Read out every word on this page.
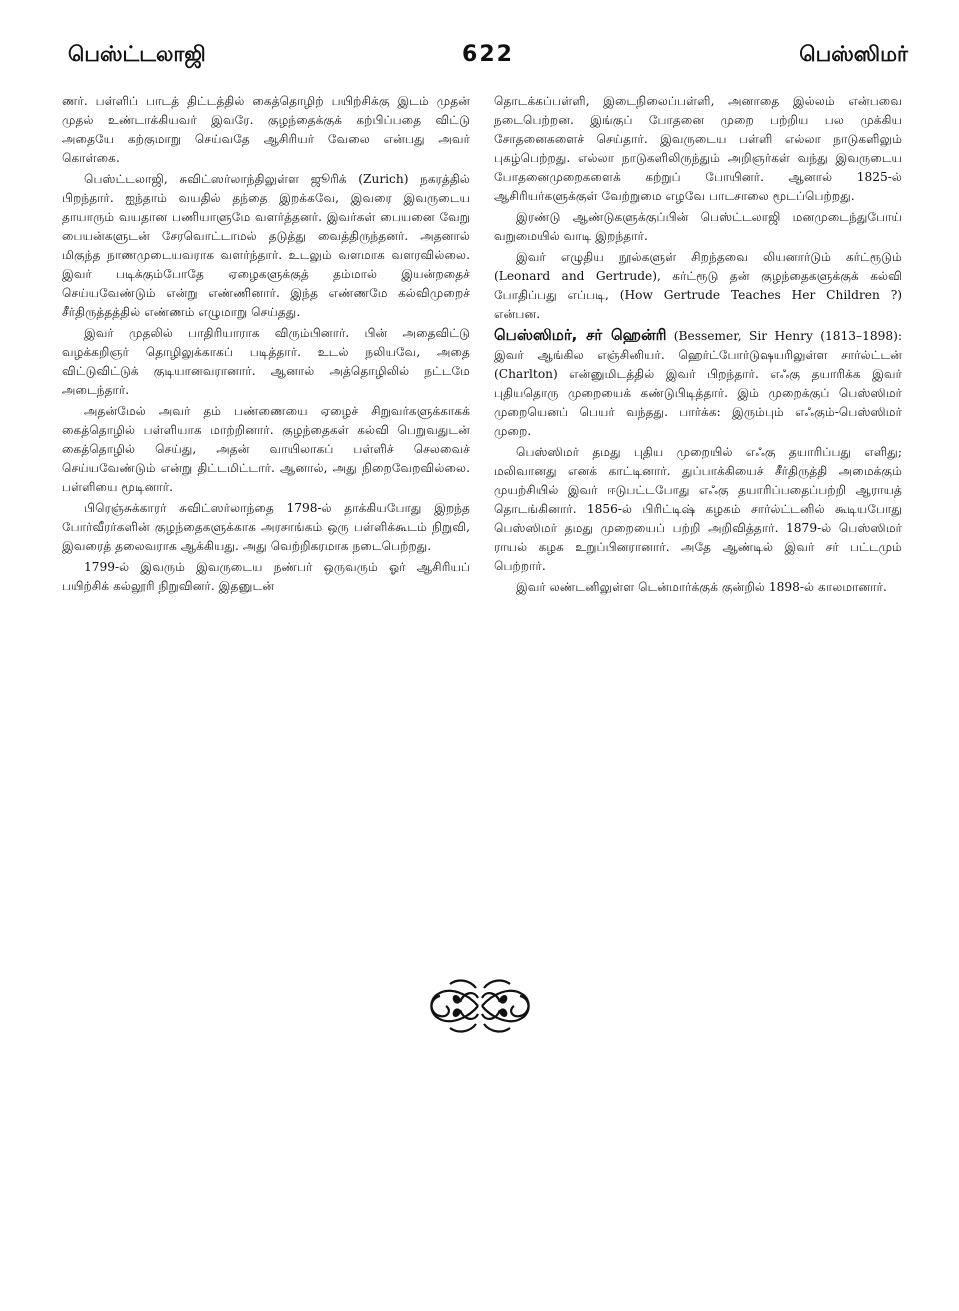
பெஸ்ட்டலாஜி	622	பெஸ்ஸிமர்

ணர். பள்ளிப் பாடத் திட்டத்தில் கைத்தொழிற் பயிற்சிக்கு இடம் முதன் முதல் உண்டாக்கியவர் இவரே. குழந்தைக்குக் கற்பிப்பதை விட்டு அதையே கற்குமாறு செய்வதே ஆசிரியர் வேலை என்பது அவர் கொள்கை.

பெஸ்ட்டலாஜி, சுவிட்ஸர்லாந்திலுள்ள ஜூரிக் (Zurich) நகரத்தில் பிறந்தார். ஐந்தாம் வயதில் தந்தை இறக்கவே, இவரை இவருடைய தாயாரும் வயதான பணியாளுமே வளர்த்தனர். இவர்கள் பையனை வேறு பையன்களுடன் சேரவொட்டாமல் தடுத்து வைத்திருந்தனர். அதனால் மிகுந்த நாணமுடையவராக வளர்ந்தார். உடலும் வளமாக வளரவில்லை. இவர் படிக்கும்போதே ஏழைகளுக்குத் தம்மால் இயன்றதைச் செய்யவேண்டும் என்று எண்ணினார். இந்த எண்ணமே கல்விமுறைச் சீர்திருத்தத்தில் எண்ணம் எழுமாறு செய்தது.

இவர் முதலில் பாதிரியாராக விரும்பினார். பின் அதைவிட்டு வழக்கறிஞர் தொழிலுக்காகப் படித்தார். உடல் நலியவே, அதை விட்டுவிட்டுக் குடியானவரானார். ஆனால் அத்தொழிலில் நட்டமே அடைந்தார்.

அதன்மேல் அவர் தம் பண்ணையை ஏழைச் சிறுவர்களுக்காகக் கைத்தொழில் பள்ளியாக மாற்றினார். குழந்தைகள் கல்வி பெறுவதுடன் கைத்தொழில் செய்து, அதன் வாயிலாகப் பள்ளிச் செலவைச் செய்யவேண்டும் என்று திட்டமிட்டார். ஆனால், அது நிறைவேறவில்லை. பள்ளியை மூடினார்.

பிரெஞ்சுக்காரர் சுவிட்ஸர்லாந்தை 1798-ல் தாக்கியபோது இறந்த போர்வீரர்களின் குழந்தைகளுக்காக அரசாங்கம் ஒரு பள்ளிக்கூடம் நிறுவி, இவரைத் தலைவராக ஆக்கியது. அது வெற்றிகரமாக நடைபெற்றது.

1799-ல் இவரும் இவருடைய நண்பர் ஒருவரும் ஓர் ஆசிரியப் பயிற்சிக் கல்லூரி நிறுவினர். இதனுடன்

தொடக்கப்பள்ளி, இடைநிலைப்பள்ளி, அனாதை இல்லம் என்பவை நடைபெற்றன. இங்குப் போதனை முறை பற்றிய பல முக்கிய சோதனைகளைச் செய்தார். இவருடைய பள்ளி எல்லா நாடுகளிலும் புகழ்பெற்றது. எல்லா நாடுகளிலிருந்தும் அறிஞர்கள் வந்து இவருடைய போதனைமுறைகளைக் கற்றுப் போயினர். ஆனால் 1825-ல் ஆசிரியர்களுக்குள் வேற்றுமை எழவே பாடசாலை மூடப்பெற்றது.

இரண்டு ஆண்டுகளுக்குப்பின் பெஸ்ட்டலாஜி மனமுடைந்துபோய் வறுமையில் வாடி இறந்தார்.

இவர் எழுதிய நூல்களுள் சிறந்தவை லியனார்டும் கர்ட்ரூடும் (Leonard and Gertrude), கர்ட்ரூடு தன் குழந்தைகளுக்குக் கல்வி போதிப்பது எப்படி, (How Gertrude Teaches Her Children ?) என்பன.

பெஸ்ஸிமர், சர் ஹென்ரி (Bessemer, Sir Henry (1813–1898): இவர் ஆங்கில எஞ்சினியர். ஹெர்ட்போர்டுஷயரிலுள்ள சார்ல்ட்டன் (Charlton) என்னுமிடத்தில் இவர் பிறந்தார். எஃகு தயாரிக்க இவர் புதியதொரு முறையைக் கண்டுபிடித்தார். இம் முறைக்குப் பெஸ்ஸிமர் முறையெனப் பெயர் வந்தது. பார்க்க: இரும்பும் எஃகும்-பெஸ்ஸிமர் முறை.

பெஸ்ஸிமர் தமது புதிய முறையில் எஃகு தயாரிப்பது எளிது; மலிவானது எனக் காட்டினார். துப்பாக்கியைச் சீர்திருத்தி அமைக்கும் முயற்சியில் இவர் ஈடுபட்டபோது எஃகு தயாரிப்பதைப்பற்றி ஆராயத் தொடங்கினார். 1856-ல் பிரிட்டிஷ் கழகம் சார்ல்ட்டனில் கூடியபோது பெஸ்ஸிமர் தமது முறையைப் பற்றி அறிவித்தார். 1879-ல் பெஸ்ஸிமர் ராயல் கழக உறுப்பினரானார். அதே ஆண்டில் இவர் சர் பட்டமும் பெற்றார்.

இவர் லண்டனிலுள்ள டென்மார்க்குக் குன்றில் 1898-ல் காலமானார்.
